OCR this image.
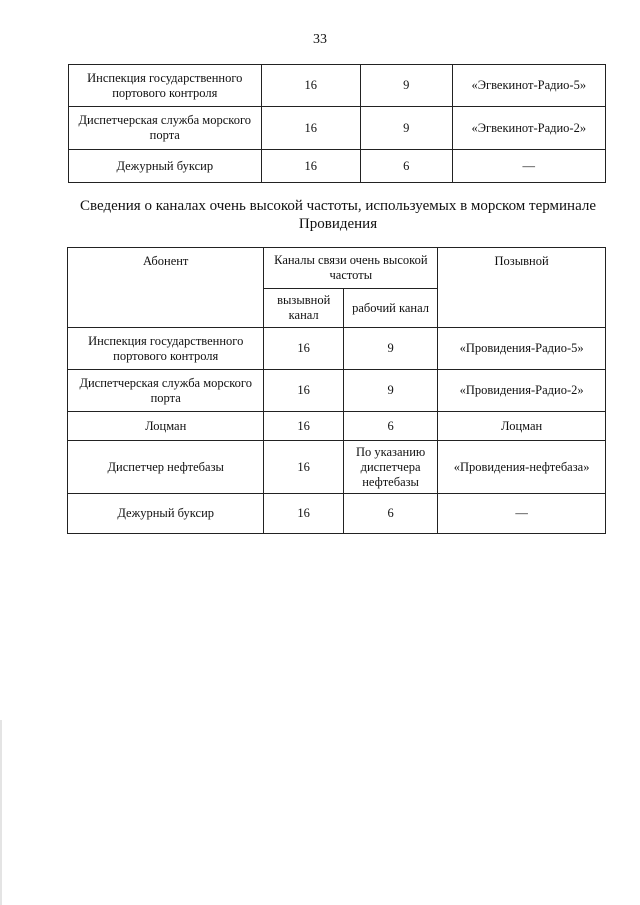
33
Инспекция государственного портового контроля	16	9	«Эгвекинот-Радио-5»
Диспетчерская служба морского порта	16	9	«Эгвекинот-Радио-2»
Дежурный буксир	16	6	—
Сведения о каналах очень высокой частоты, используемых в морском терминале Провидения
Абонент	Каналы связи очень высокой частоты		Позывной
	вызывной канал	рабочий канал	
Инспекция государственного портового контроля	16	9	«Провидения-Радио-5»
Диспетчерская служба морского порта	16	9	«Провидения-Радио-2»
Лоцман	16	6	Лоцман
Диспетчер нефтебазы	16	По указанию диспетчера нефтебазы	«Провидения-нефтебаза»
Дежурный буксир	16	6	—
